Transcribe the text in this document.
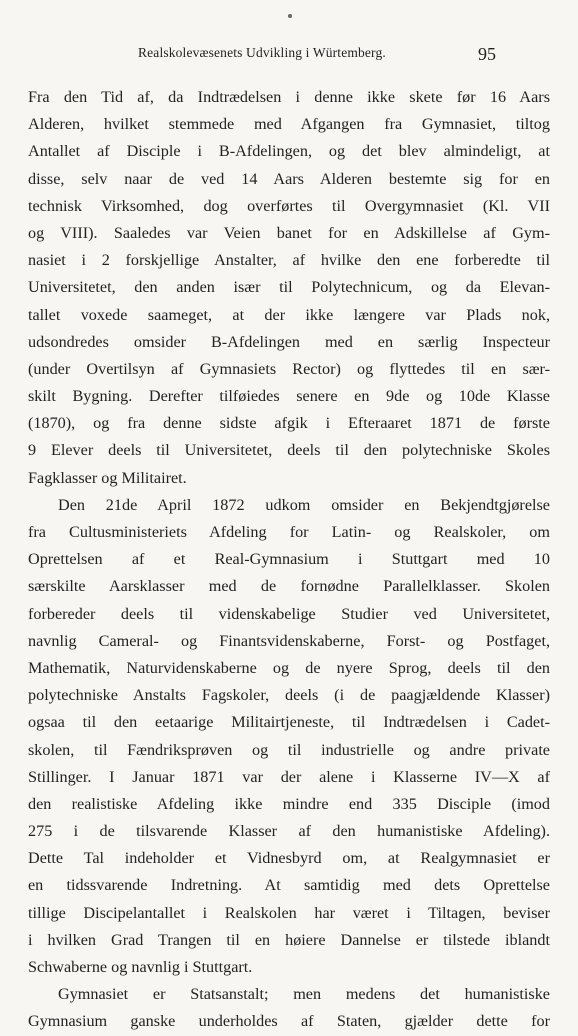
Realskolevæsenets Udvikling i Würtemberg.	95
Fra den Tid af, da Indtrædelsen i denne ikke skete før 16 Aars
Alderen, hvilket stemmede med Afgangen fra Gymnasiet, tiltog
Antallet af Disciple i B-Afdelingen, og det blev almindeligt, at
disse, selv naar de ved 14 Aars Alderen bestemte sig for en
technisk Virksomhed, dog overførtes til Overgymnasiet (Kl. VII
og VIII). Saaledes var Veien banet for en Adskillelse af Gym-
nasiet i 2 forskjellige Anstalter, af hvilke den ene forberedte til
Universitetet, den anden især til Polytechnicum, og da Elevan-
tallet voxede saameget, at der ikke længere var Plads nok,
udsondredes omsider B-Afdelingen med en særlig Inspecteur
(under Overtilsyn af Gymnasiets Rector) og flyttedes til en sær-
skilt Bygning. Derefter tilføiedes senere en 9de og 10de Klasse
(1870), og fra denne sidste afgik i Efteraaret 1871 de første
9 Elever deels til Universitetet, deels til den polytechniske Skoles
Fagklasser og Militairet.
Den 21de April 1872 udkom omsider en Bekjendtgjørelse
fra Cultusministeriets Afdeling for Latin- og Realskoler, om
Oprettelsen af et Real-Gymnasium i Stuttgart med 10
særskilte Aarsklasser med de fornødne Parallelklasser. Skolen
forbereder deels til videnskabelige Studier ved Universitetet,
navnlig Cameral- og Finantsvidenskaberne, Forst- og Postfaget,
Mathematik, Naturvidenskaberne og de nyere Sprog, deels til den
polytechniske Anstalts Fagskoler, deels (i de paagjældende Klasser)
ogsaa til den eetaarige Militairtjeneste, til Indtrædelsen i Cadet-
skolen, til Fændriksprøven og til industrielle og andre private
Stillinger. I Januar 1871 var der alene i Klasserne IV—X af
den realistiske Afdeling ikke mindre end 335 Disciple (imod
275 i de tilsvarende Klasser af den humanistiske Afdeling).
Dette Tal indeholder et Vidnesbyrd om, at Realgymnasiet er
en tidssvarende Indretning. At samtidig med dets Oprettelse
tillige Discipelantallet i Realskolen har været i Tiltagen, beviser
i hvilken Grad Trangen til en høiere Dannelse er tilstede iblandt
Schwaberne og navnlig i Stuttgart.
Gymnasiet er Statsanstalt; men medens det humanistiske
Gymnasium ganske underholdes af Staten, gjælder dette for
